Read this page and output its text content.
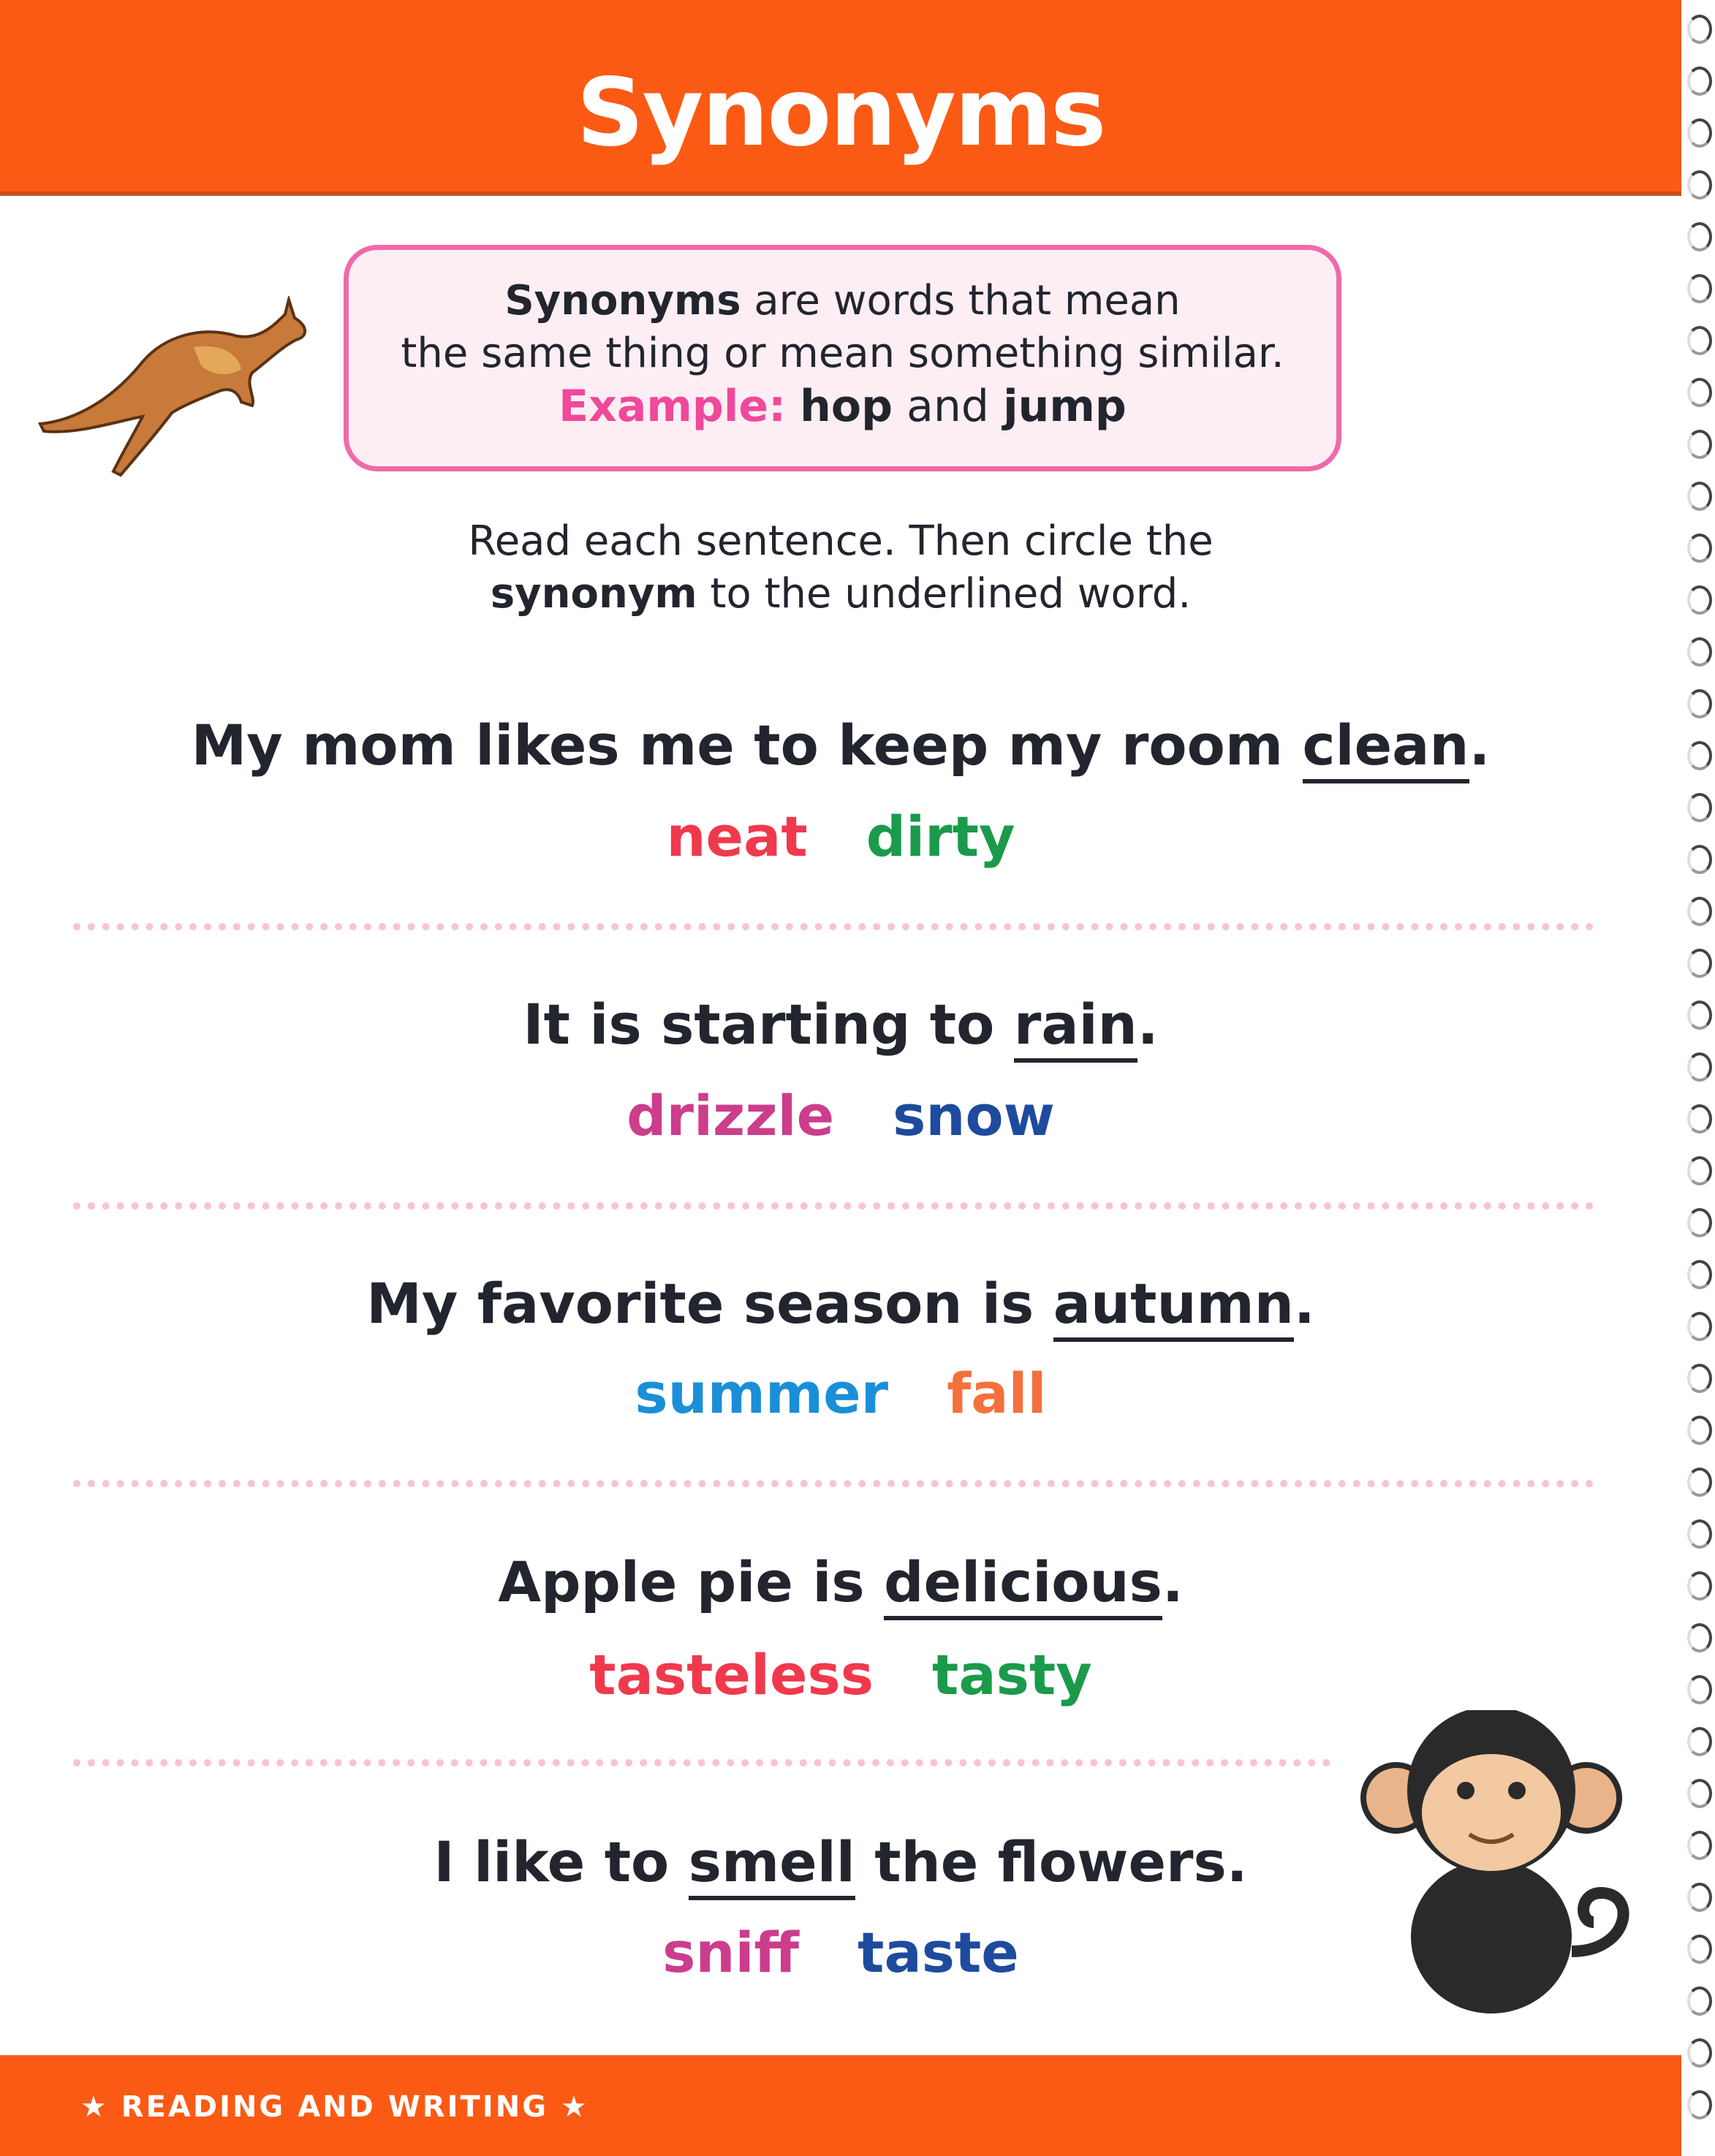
Synonyms
Synonyms are words that mean
the same thing or mean something similar.
Example: hop and jump
Read each sentence. Then circle the
synonym to the underlined word.
My mom likes me to keep my room clean.
neat dirty
It is starting to rain.
drizzle snow
My favorite season is autumn.
summer fall
Apple pie is delicious.
tasteless tasty
I like to smell the flowers.
sniff taste
★ READING AND WRITING ★
